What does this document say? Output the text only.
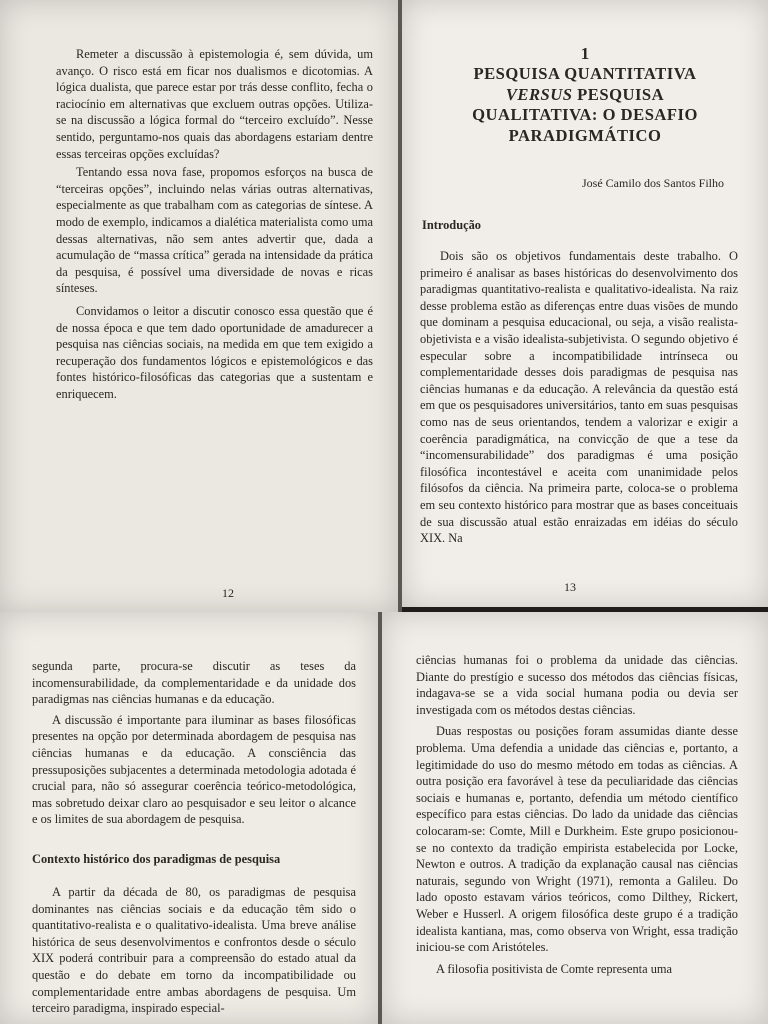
Remeter a discussão à epistemologia é, sem dúvida, um avanço. O risco está em ficar nos dualismos e dicotomias. A lógica dualista, que parece estar por trás desse conflito, fecha o raciocínio em alternativas que excluem outras opções. Utiliza-se na discussão a lógica formal do “terceiro excluído”. Nesse sentido, perguntamo-nos quais das abordagens estariam dentre essas terceiras opções excluídas?

Tentando essa nova fase, propomos esforços na busca de “terceiras opções”, incluindo nelas várias outras alternativas, especialmente as que trabalham com as categorias de síntese. A modo de exemplo, indicamos a dialética materialista como uma dessas alternativas, não sem antes advertir que, dada a acumulação de “massa crítica” gerada na intensidade da prática da pesquisa, é possível uma diversidade de novas e ricas sínteses.

Convidamos o leitor a discutir conosco essa questão que é de nossa época e que tem dado oportunidade de amadurecer a pesquisa nas ciências sociais, na medida em que tem exigido a recuperação dos fundamentos lógicos e epistemológicos e das fontes histórico-filosóficas das categorias que a sustentam e enriquecem.

12
1
PESQUISA QUANTITATIVA
VERSUS PESQUISA
QUALITATIVA: O DESAFIO
PARADIGMÁTICO
José Camilo dos Santos Filho
Introdução

Dois são os objetivos fundamentais deste trabalho. O primeiro é analisar as bases históricas do desenvolvimento dos paradigmas quantitativo-realista e qualitativo-idealista. Na raiz desse problema estão as diferenças entre duas visões de mundo que dominam a pesquisa educacional, ou seja, a visão realista-objetivista e a visão idealista-subjetivista. O segundo objetivo é especular sobre a incompatibilidade intrínseca ou complementaridade desses dois paradigmas de pesquisa nas ciências humanas e da educação. A relevância da questão está em que os pesquisadores universitários, tanto em suas pesquisas como nas de seus orientandos, tendem a valorizar e exigir a coerência paradigmática, na convicção de que a tese da “incomensurabilidade” dos paradigmas é uma posição filosófica incontestável e aceita com unanimidade pelos filósofos da ciência. Na primeira parte, coloca-se o problema em seu contexto histórico para mostrar que as bases conceituais de sua discussão atual estão enraizadas em idéias do século XIX. Na

13

segunda parte, procura-se discutir as teses da incomensurabilidade, da complementaridade e da unidade dos paradigmas nas ciências humanas e da educação.

A discussão é importante para iluminar as bases filosóficas presentes na opção por determinada abordagem de pesquisa nas ciências humanas e da educação. A consciência das pressuposições subjacentes a determinada metodologia adotada é crucial para, não só assegurar coerência teórico-metodológica, mas sobretudo deixar claro ao pesquisador e seu leitor o alcance e os limites de sua abordagem de pesquisa.

Contexto histórico dos paradigmas de pesquisa

A partir da década de 80, os paradigmas de pesquisa dominantes nas ciências sociais e da educação têm sido o quantitativo-realista e o qualitativo-idealista. Uma breve análise histórica de seus desenvolvimentos e confrontos desde o século XIX poderá contribuir para a compreensão do estado atual da questão e do debate em torno da incompatibilidade ou complementaridade entre ambas abordagens de pesquisa. Um terceiro paradigma, inspirado especial-

ciências humanas foi o problema da unidade das ciências. Diante do prestígio e sucesso dos métodos das ciências físicas, indagava-se se a vida social humana podia ou devia ser investigada com os métodos destas ciências.

Duas respostas ou posições foram assumidas diante desse problema. Uma defendia a unidade das ciências e, portanto, a legitimidade do uso do mesmo método em todas as ciências. A outra posição era favorável à tese da peculiaridade das ciências sociais e humanas e, portanto, defendia um método científico específico para estas ciências. Do lado da unidade das ciências colocaram-se: Comte, Mill e Durkheim. Este grupo posicionou-se no contexto da tradição empirista estabelecida por Locke, Newton e outros. A tradição da explanação causal nas ciências naturais, segundo von Wright (1971), remonta a Galileu. Do lado oposto estavam vários teóricos, como Dilthey, Rickert, Weber e Husserl. A origem filosófica deste grupo é a tradição idealista kantiana, mas, como observa von Wright, essa tradição iniciou-se com Aristóteles.

A filosofia positivista de Comte representa uma
